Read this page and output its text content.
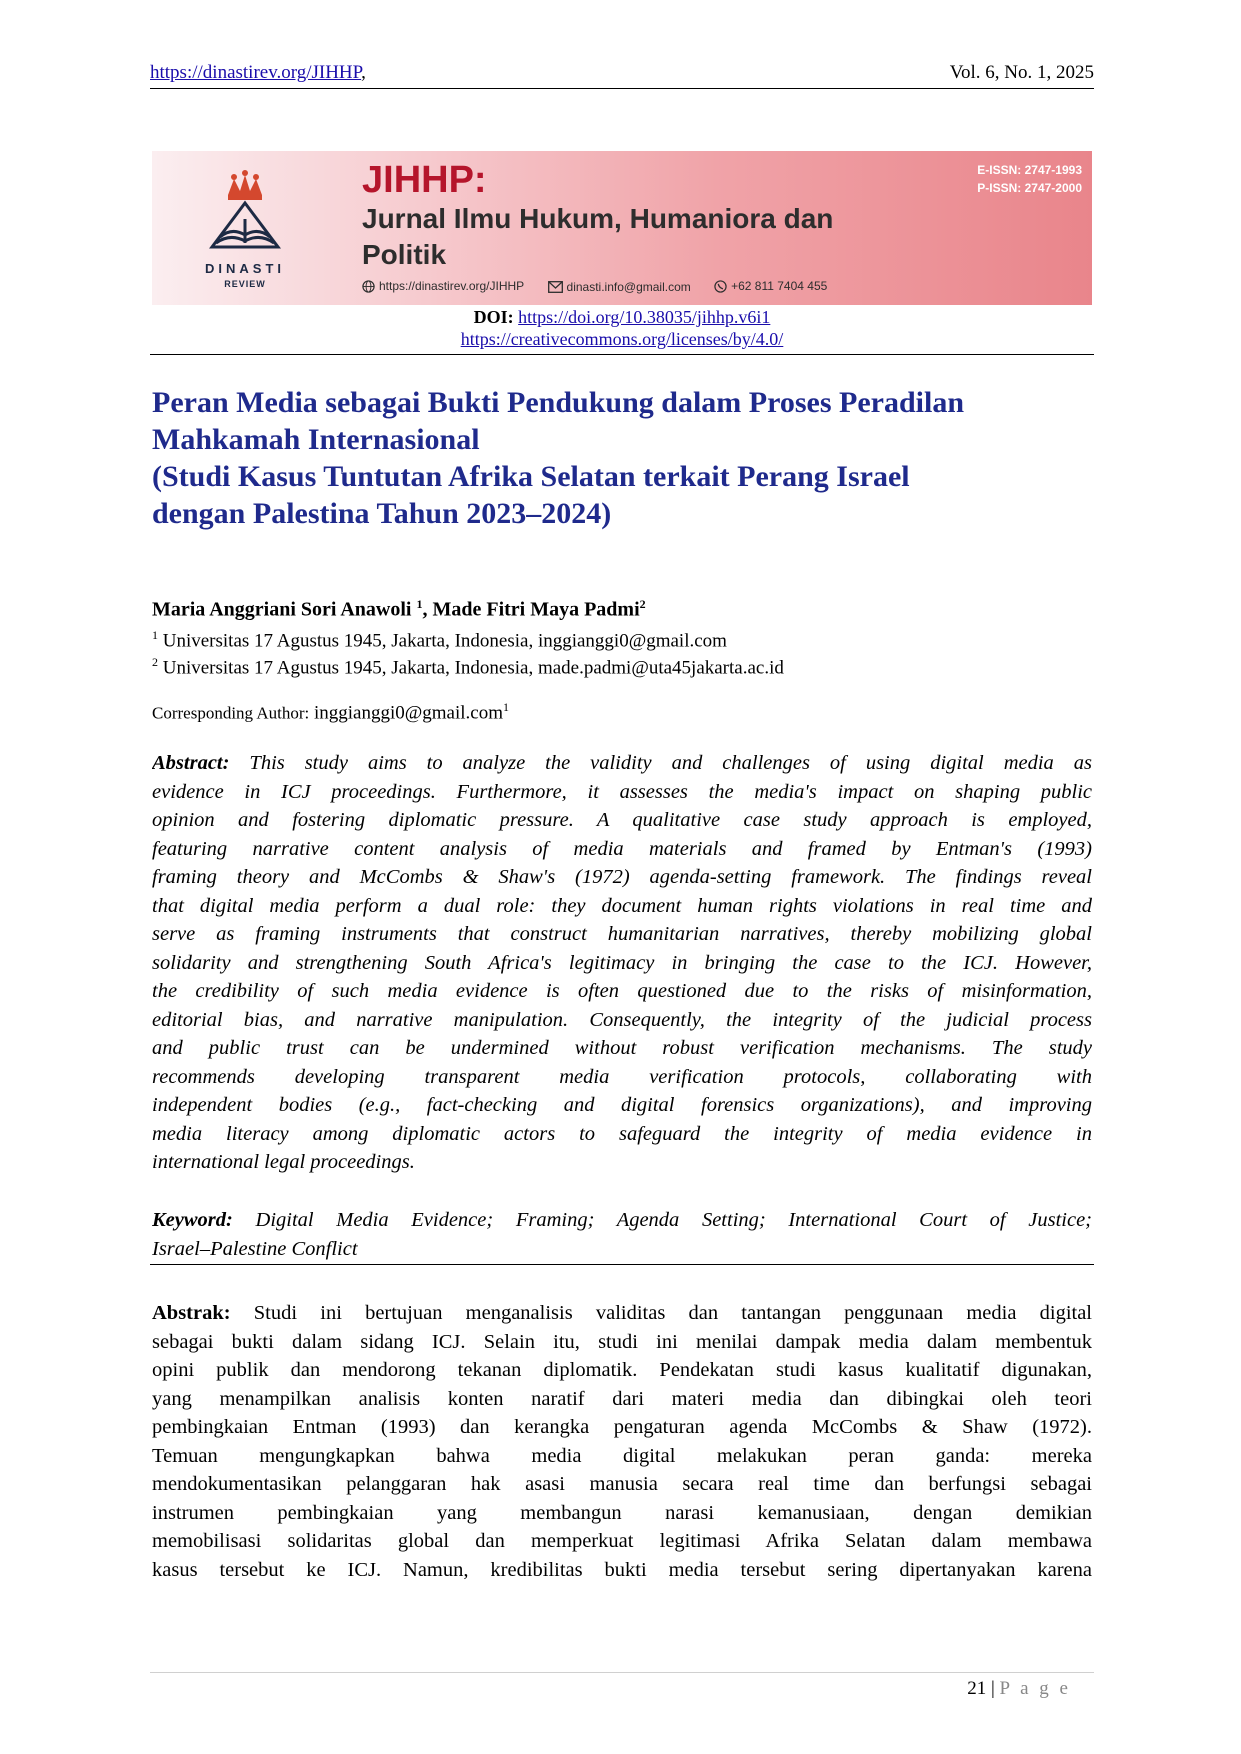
https://dinastirev.org/JIHHP,	Vol. 6, No. 1, 2025
DINASTI
REVIEW
JIHHP:
Jurnal Ilmu Hukum, Humaniora dan
Politik
https://dinastirev.org/JIHHP
	dinasti.info@gmail.com
	+62 811 7404 455
E-ISSN: 2747-1993
P-ISSN: 2747-2000
DOI: https://doi.org/10.38035/jihhp.v6i1
https://creativecommons.org/licenses/by/4.0/
Peran Media sebagai Bukti Pendukung dalam Proses Peradilan
Mahkamah Internasional
(Studi Kasus Tuntutan Afrika Selatan terkait Perang Israel
dengan Palestina Tahun 2023–2024)
Maria Anggriani Sori Anawoli $^1$, Made Fitri Maya Padmi$^2$
$^1$ Universitas 17 Agustus 1945, Jakarta, Indonesia, inggianggi0@gmail.com
$^2$ Universitas 17 Agustus 1945, Jakarta, Indonesia, made.padmi@uta45jakarta.ac.id
Corresponding Author: inggianggi0@gmail.com$^1$
Abstract: This study aims to analyze the validity and challenges of using digital media as
evidence in ICJ proceedings. Furthermore, it assesses the media's impact on shaping public
opinion and fostering diplomatic pressure. A qualitative case study approach is employed,
featuring narrative content analysis of media materials and framed by Entman's (1993)
framing theory and McCombs & Shaw's (1972) agenda-setting framework. The findings reveal
that digital media perform a dual role: they document human rights violations in real time and
serve as framing instruments that construct humanitarian narratives, thereby mobilizing global
solidarity and strengthening South Africa's legitimacy in bringing the case to the ICJ. However,
the credibility of such media evidence is often questioned due to the risks of misinformation,
editorial bias, and narrative manipulation. Consequently, the integrity of the judicial process
and public trust can be undermined without robust verification mechanisms. The study
recommends developing transparent media verification protocols, collaborating with
independent bodies (e.g., fact-checking and digital forensics organizations), and improving
media literacy among diplomatic actors to safeguard the integrity of media evidence in
international legal proceedings.
Keyword: Digital Media Evidence; Framing; Agenda Setting; International Court of Justice;
Israel–Palestine Conflict
Abstrak: Studi ini bertujuan menganalisis validitas dan tantangan penggunaan media digital
sebagai bukti dalam sidang ICJ. Selain itu, studi ini menilai dampak media dalam membentuk
opini publik dan mendorong tekanan diplomatik. Pendekatan studi kasus kualitatif digunakan,
yang menampilkan analisis konten naratif dari materi media dan dibingkai oleh teori
pembingkaian Entman (1993) dan kerangka pengaturan agenda McCombs & Shaw (1972).
Temuan mengungkapkan bahwa media digital melakukan peran ganda: mereka
mendokumentasikan pelanggaran hak asasi manusia secara real time dan berfungsi sebagai
instrumen pembingkaian yang membangun narasi kemanusiaan, dengan demikian
memobilisasi solidaritas global dan memperkuat legitimasi Afrika Selatan dalam membawa
kasus tersebut ke ICJ. Namun, kredibilitas bukti media tersebut sering dipertanyakan karena
21 | P a g e
